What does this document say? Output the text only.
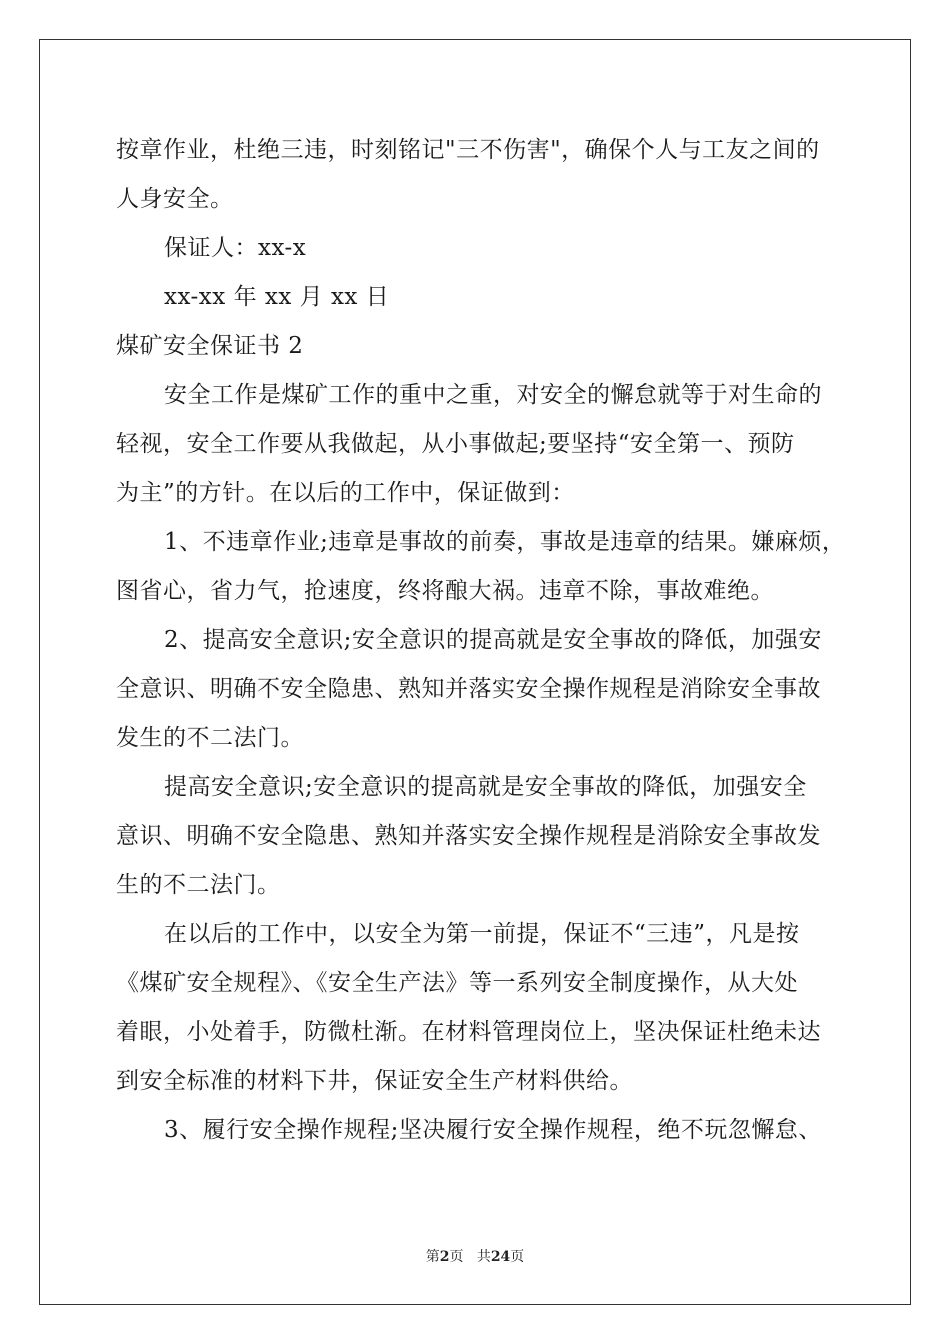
按章作业，杜绝三违，时刻铭记"三不伤害"，确保个人与工友之间的
人身安全。
保证人：xx-x
xx-xx 年 xx 月 xx 日
煤矿安全保证书 2
安全工作是煤矿工作的重中之重，对安全的懈怠就等于对生命的
轻视，安全工作要从我做起，从小事做起;要坚持“安全第一、预防
为主”的方针。在以后的工作中，保证做到：
1、不违章作业;违章是事故的前奏，事故是违章的结果。嫌麻烦，
图省心，省力气，抢速度，终将酿大祸。违章不除，事故难绝。
2、提高安全意识;安全意识的提高就是安全事故的降低，加强安
全意识、明确不安全隐患、熟知并落实安全操作规程是消除安全事故
发生的不二法门。
提高安全意识;安全意识的提高就是安全事故的降低，加强安全
意识、明确不安全隐患、熟知并落实安全操作规程是消除安全事故发
生的不二法门。
在以后的工作中，以安全为第一前提，保证不“三违”，凡是按
《煤矿安全规程》、《安全生产法》等一系列安全制度操作，从大处
着眼，小处着手，防微杜渐。在材料管理岗位上，坚决保证杜绝未达
到安全标准的材料下井，保证安全生产材料供给。
3、履行安全操作规程;坚决履行安全操作规程，绝不玩忽懈怠、
第2页 共24页
